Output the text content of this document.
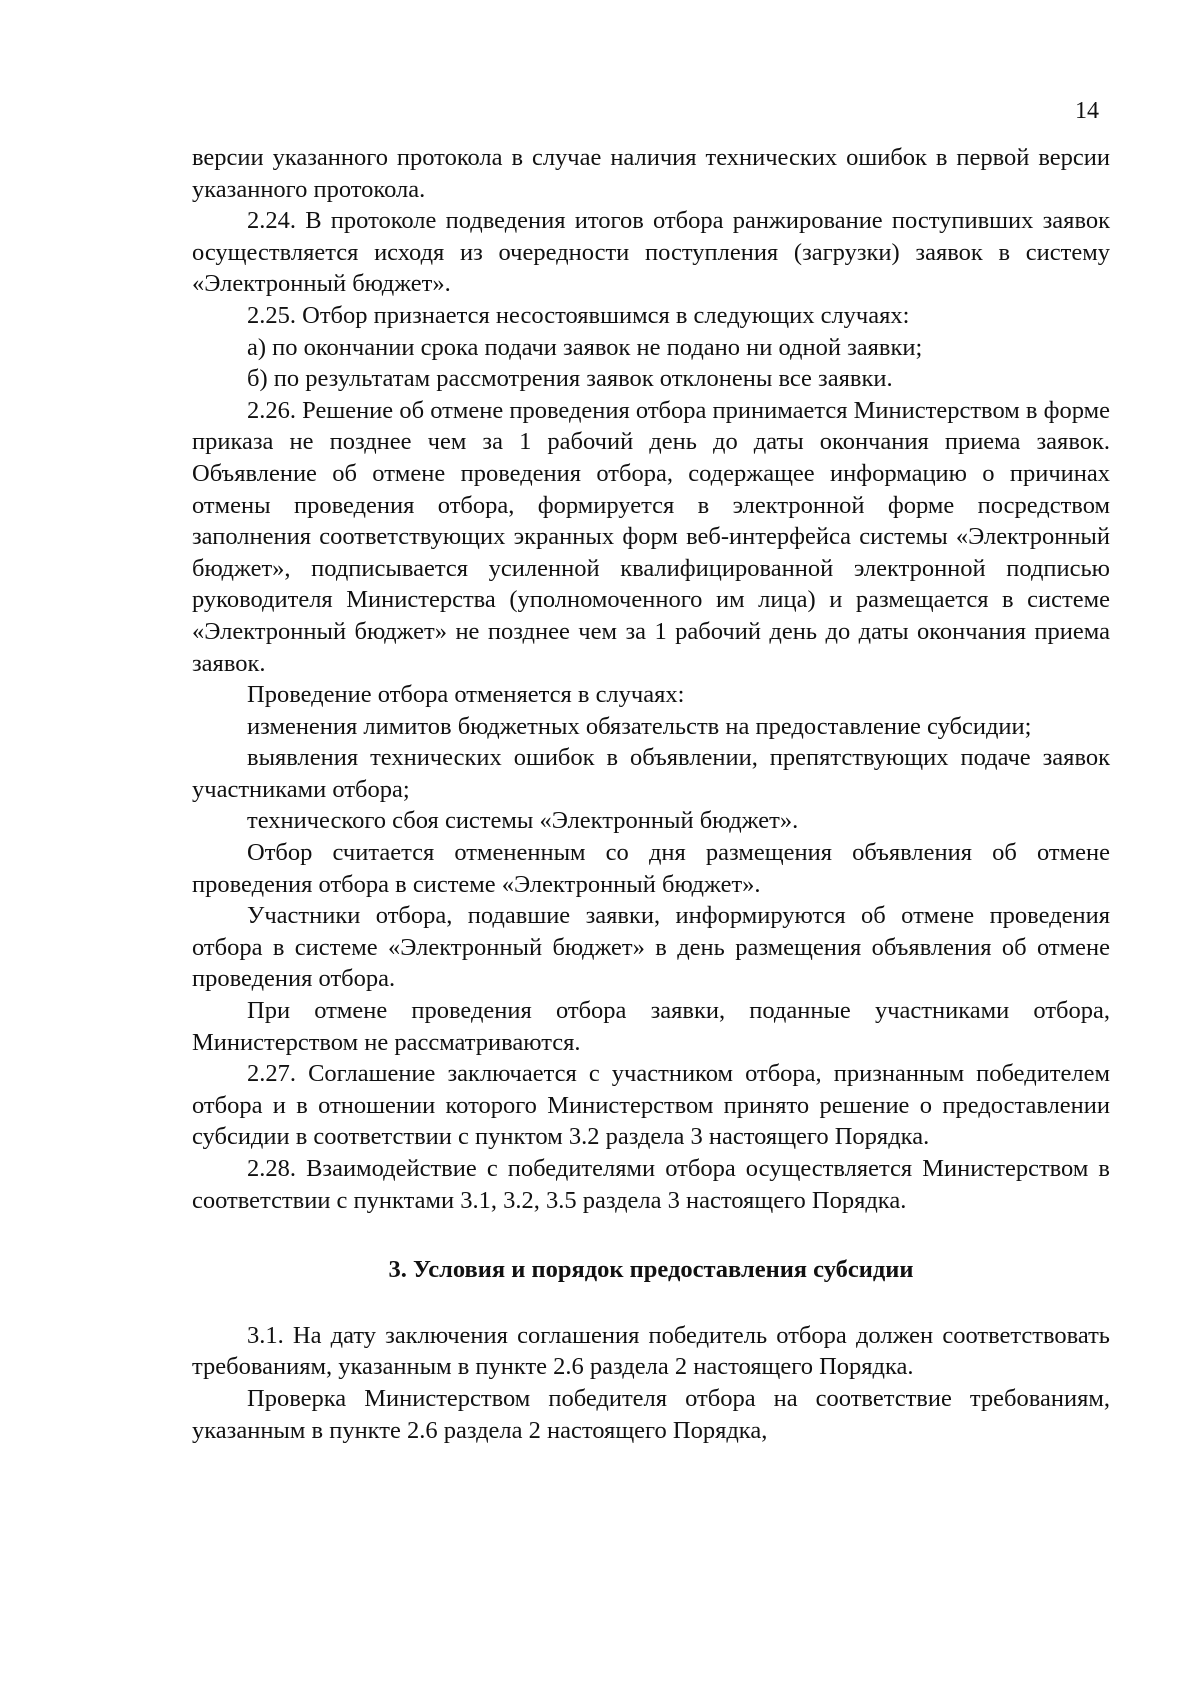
14

версии указанного протокола в случае наличия технических ошибок в первой версии указанного протокола.

2.24. В протоколе подведения итогов отбора ранжирование поступивших заявок осуществляется исходя из очередности поступления (загрузки) заявок в систему «Электронный бюджет».

2.25. Отбор признается несостоявшимся в следующих случаях:

а) по окончании срока подачи заявок не подано ни одной заявки;

б) по результатам рассмотрения заявок отклонены все заявки.

2.26. Решение об отмене проведения отбора принимается Министерством в форме приказа не позднее чем за 1 рабочий день до даты окончания приема заявок. Объявление об отмене проведения отбора, содержащее информацию о причинах отмены проведения отбора, формируется в электронной форме посредством заполнения соответствующих экранных форм веб-интерфейса системы «Электронный бюджет», подписывается усиленной квалифицированной электронной подписью руководителя Министерства (уполномоченного им лица) и размещается в системе «Электронный бюджет» не позднее чем за 1 рабочий день до даты окончания приема заявок.

Проведение отбора отменяется в случаях:

изменения лимитов бюджетных обязательств на предоставление субсидии;

выявления технических ошибок в объявлении, препятствующих подаче заявок участниками отбора;

технического сбоя системы «Электронный бюджет».

Отбор считается отмененным со дня размещения объявления об отмене проведения отбора в системе «Электронный бюджет».

Участники отбора, подавшие заявки, информируются об отмене проведения отбора в системе «Электронный бюджет» в день размещения объявления об отмене проведения отбора.

При отмене проведения отбора заявки, поданные участниками отбора, Министерством не рассматриваются.

2.27. Соглашение заключается с участником отбора, признанным победителем отбора и в отношении которого Министерством принято решение о предоставлении субсидии в соответствии с пунктом 3.2 раздела 3 настоящего Порядка.

2.28. Взаимодействие с победителями отбора осуществляется Министерством в соответствии с пунктами 3.1, 3.2, 3.5 раздела 3 настоящего Порядка.

3. Условия и порядок предоставления субсидии

3.1. На дату заключения соглашения победитель отбора должен соответствовать требованиям, указанным в пункте 2.6 раздела 2 настоящего Порядка.

Проверка Министерством победителя отбора на соответствие требованиям, указанным в пункте 2.6 раздела 2 настоящего Порядка,
